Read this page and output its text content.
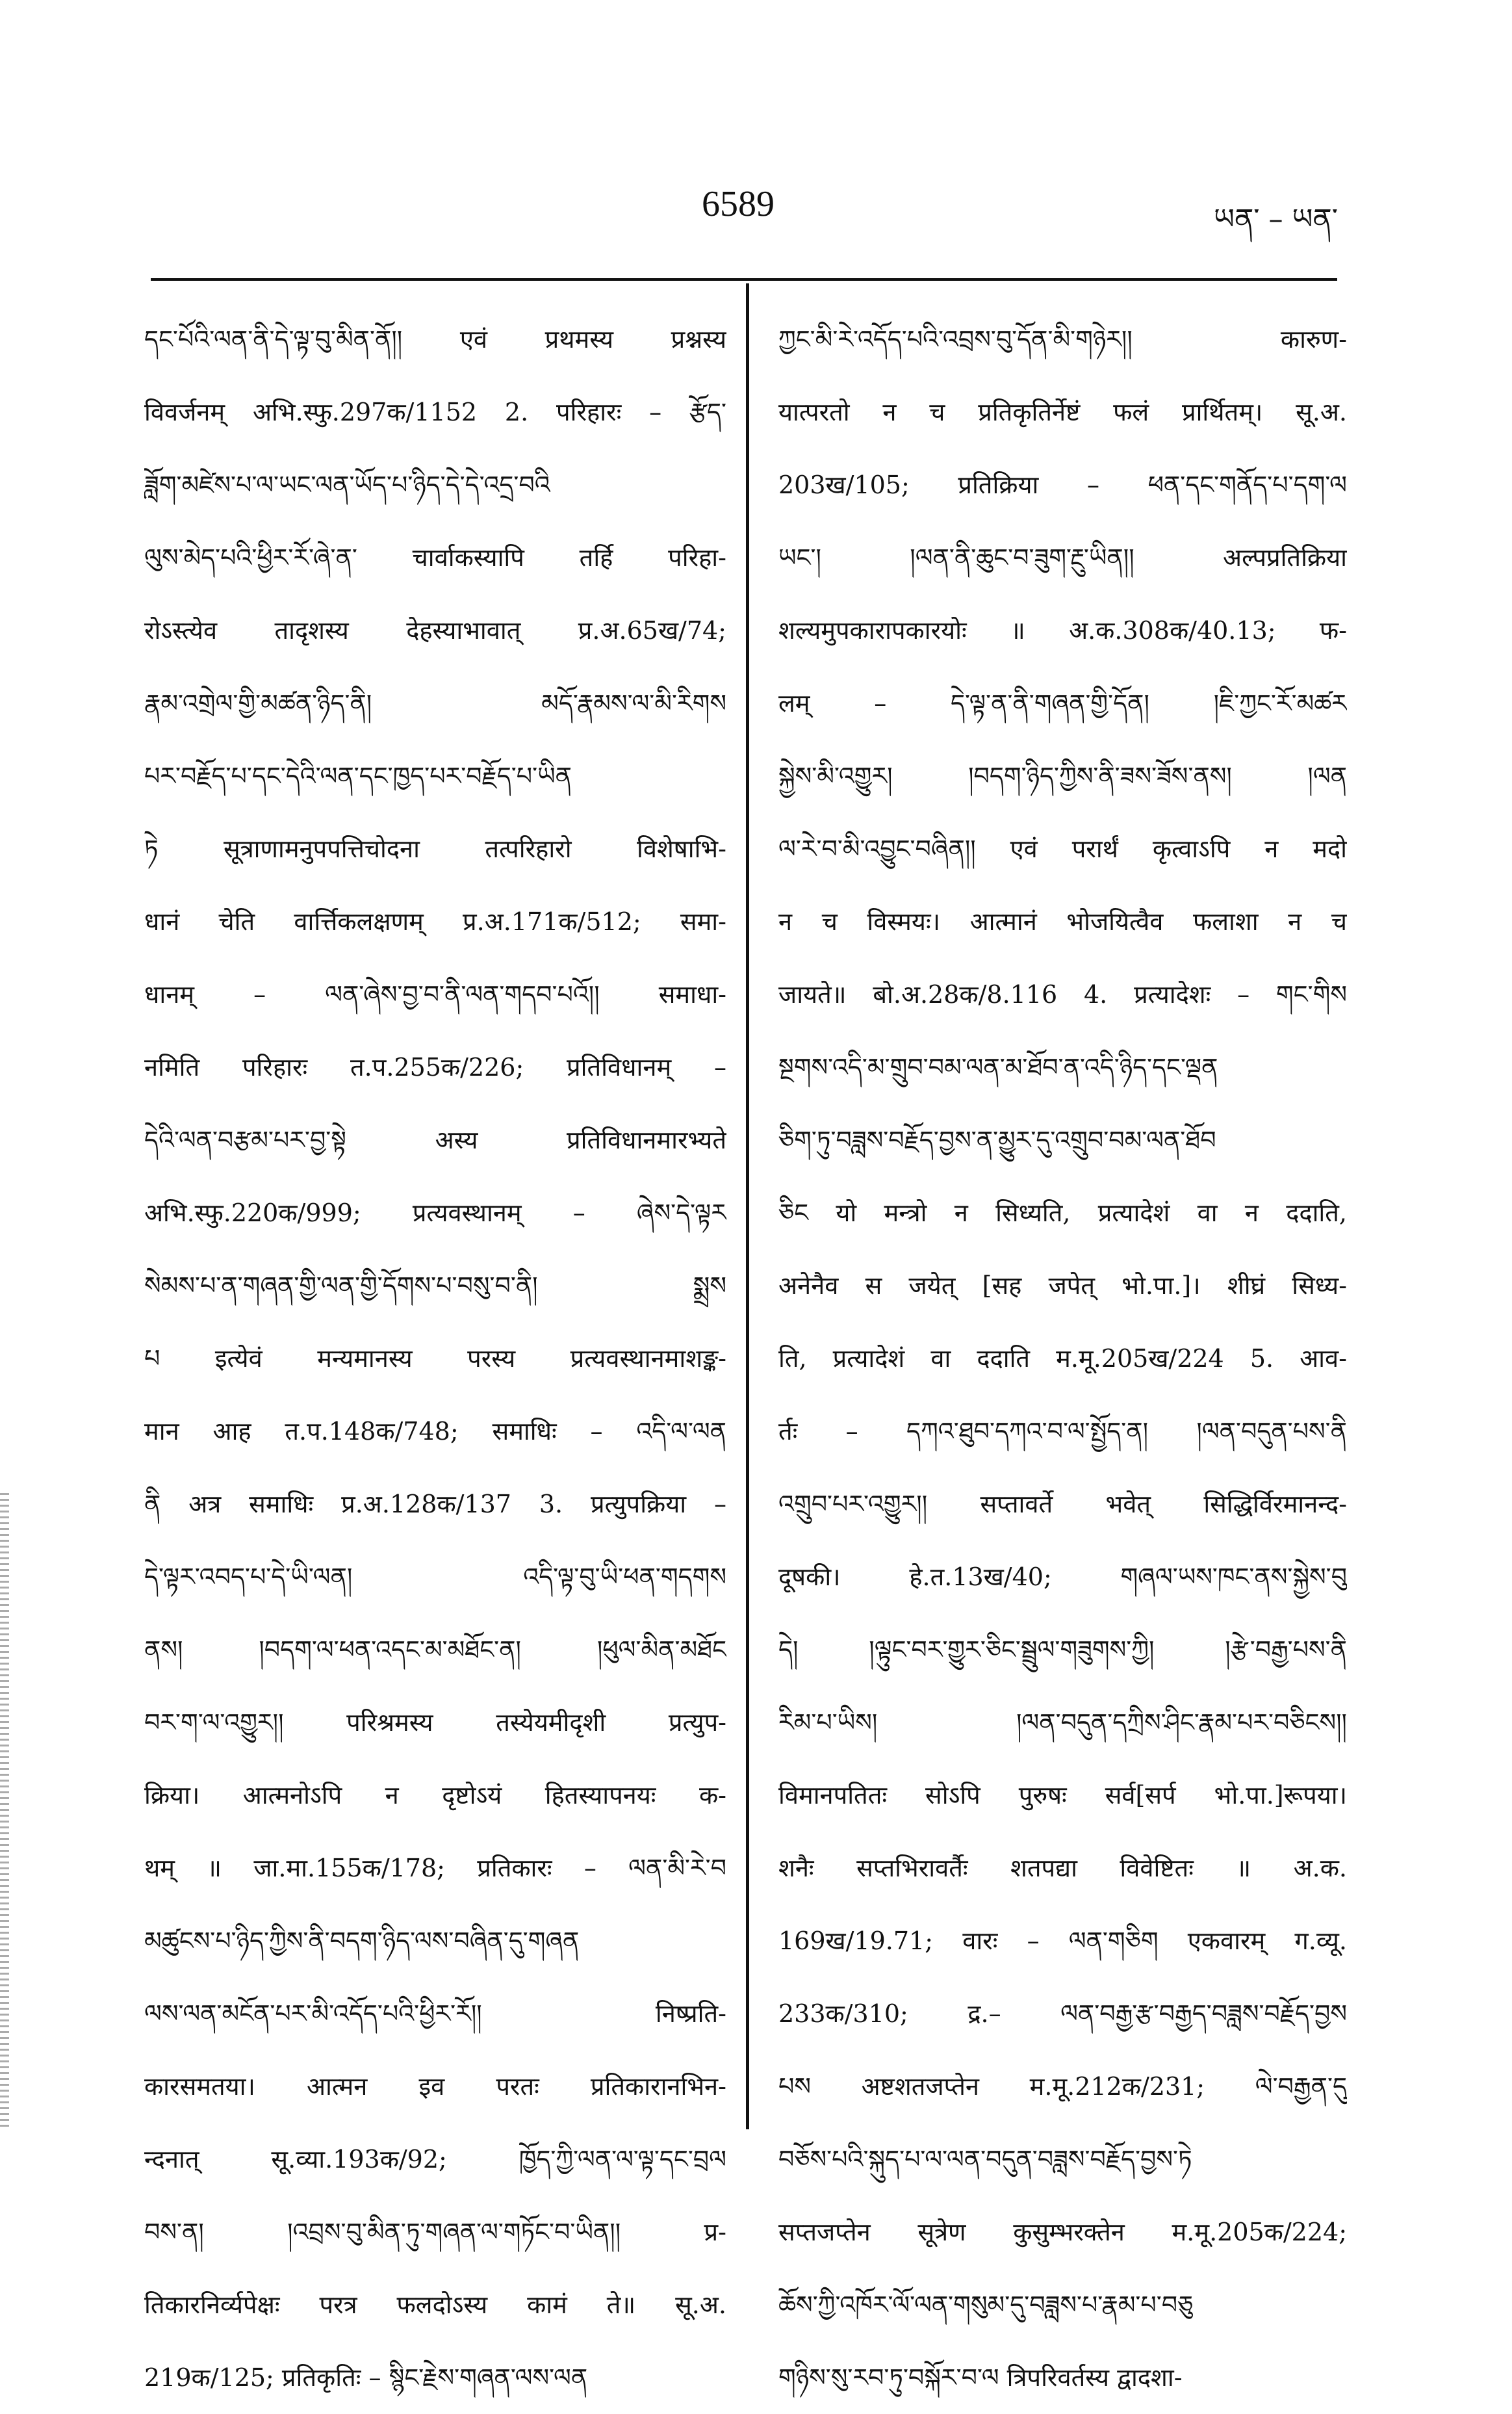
6589	ཡན་ – ཡན་
དང་པོའི་ལན་ནི་དེ་ལྟ་བུ་མིན་ནོ།། एवं प्रथमस्य प्रश्नस्य
विवर्जनम् अभि.स्फु.297क/1152 2. परिहारः – རྩོད་
ཟློག་མཛེས་པ་ལ་ཡང་ལན་ཡོད་པ་ཉིད་དེ་དེ་འདྲ་བའི
ལུས་མེད་པའི་ཕྱིར་རོ་ཞེ་ན་ चार्वाकस्यापि तर्हि परिहा-
रोऽस्त्येव तादृशस्य देहस्याभावात् प्र.अ.65ख/74;
རྣམ་འགྲེལ་གྱི་མཚན་ཉིད་ནི། མདོ་རྣམས་ལ་མི་རིགས
པར་བརྗོད་པ་དང་དེའི་ལན་དང་ཁྱད་པར་བརྗོད་པ་ཡིན
ཏེ सूत्राणामनुपपत्तिचोदना तत्परिहारो विशेषाभि-
धानं चेति वार्त्तिकलक्षणम् प्र.अ.171क/512; समा-
धानम् – ལན་ཞེས་བྱ་བ་ནི་ལན་གདབ་པའོ།། समाधा-
नमिति परिहारः त.प.255क/226; प्रतिविधानम् –
དེའི་ལན་བརྩམ་པར་བྱ་སྟེ अस्य प्रतिविधानमारभ्यते
अभि.स्फु.220क/999; प्रत्यवस्थानम् – ཞེས་དེ་ལྟར
སེམས་པ་ན་གཞན་གྱི་ལན་གྱི་དོགས་པ་བསུ་བ་ནི། སྨྲས
པ इत्येवं मन्यमानस्य परस्य प्रत्यवस्थानमाशङ्क-
मान आह त.प.148क/748; समाधिः – འདི་ལ་ལན
ནི अत्र समाधिः प्र.अ.128क/137 3. प्रत्युपक्रिया –
དེ་ལྟར་འབད་པ་དེ་ཡི་ལན། འདི་ལྟ་བུ་ཡི་ཕན་གདགས
ནས། །བདག་ལ་ཕན་འདང་མ་མཐོང་ན། །ཕུལ་མིན་མཐོང
བར་ག་ལ་འགྱུར།། परिश्रमस्य तस्येयमीदृशी प्रत्युप-
क्रिया। आत्मनोऽपि न दृष्टोऽयं हितस्यापनयः क-
थम् ॥ जा.मा.155क/178; प्रतिकारः – ལན་མི་རེ་བ
མཚུངས་པ་ཉིད་ཀྱིས་ནི་བདག་ཉིད་ལས་བཞིན་དུ་གཞན
ལས་ལན་མངོན་པར་མི་འདོད་པའི་ཕྱིར་རོ།། निष्प्रति-
कारसमतया। आत्मन इव परतः प्रतिकारानभिन-
न्दनात् सू.व्या.193क/92; ཁྱོད་ཀྱི་ལན་ལ་ལྟ་དང་བྲལ
བས་ན། །འབྲས་བུ་མིན་ཏུ་གཞན་ལ་གཏོང་བ་ཡིན།། प्र-
तिकारनिर्व्यपेक्षः परत्र फलदोऽस्य कामं ते॥ सू.अ.
219क/125; प्रतिकृतिः – སྙིང་རྗེས་གཞན་ལས་ལན
ཀྱང་མི་རེ་འདོད་པའི་འབྲས་བུ་དོན་མི་གཉེར།། कारुण-
यात्परतो न च प्रतिकृतिर्नेष्टं फलं प्रार्थितम्। सू.अ.
203ख/105; प्रतिक्रिया – ཕན་དང་གནོད་པ་དག་ལ
ཡང་། །ལན་ནི་ཆུང་བ་ཟུག་རྔུ་ཡིན།། अल्पप्रतिक्रिया
शल्यमुपकारापकारयोः ॥ अ.क.308क/40.13; फ-
लम् – དེ་ལྟ་ན་ནི་གཞན་གྱི་དོན། །ཇི་ཀྱང་རོ་མཚར
སྐྱེས་མི་འགྱུར། །བདག་ཉིད་ཀྱིས་ནི་ཟས་ཟོས་ནས། །ལན
ལ་རེ་བ་མི་འབྱུང་བཞིན།། एवं परार्थं कृत्वाऽपि न मदो
न च विस्मयः। आत्मानं भोजयित्वैव फलाशा न च
जायते॥ बो.अ.28क/8.116 4. प्रत्यादेशः – གང་གིས
སྔགས་འདི་མ་གྲུབ་བམ་ལན་མ་ཐོབ་ན་འདི་ཉིད་དང་ལྡན
ཅིག་ཏུ་བཟླས་བརྗོད་བྱས་ན་མྱུར་དུ་འགྲུབ་བམ་ལན་ཐོབ
ཅིང यो मन्त्रो न सिध्यति, प्रत्यादेशं वा न ददाति,
अनेनैव स जयेत् [सह जपेत् भो.पा.]। शीघ्रं सिध्य-
ति, प्रत्यादेशं वा ददाति म.मू.205ख/224 5. आव-
र्तः – དཀའ་ཐུབ་དཀའ་བ་ལ་སྤྱོད་ན། །ལན་བདུན་པས་ནི
འགྲུབ་པར་འགྱུར།། सप्तावर्ते भवेत् सिद्धिर्विरमानन्द-
दूषकी। हे.त.13ख/40; གཞལ་ཡས་ཁང་ནས་སྐྱེས་བུ
དེ། །ལྟུང་བར་གྱུར་ཅིང་སྦྲུལ་གཟུགས་ཀྱི། །རྩེ་བརྒྱ་པས་ནི
རིམ་པ་ཡིས། །ལན་བདུན་དཀྲིས་ཤིང་རྣམ་པར་བཅིངས།།
विमानपतितः सोऽपि पुरुषः सर्व[सर्प भो.पा.]रूपया।
शनैः सप्तभिरावर्तैः शतपद्या विवेष्टितः ॥ अ.क.
169ख/19.71; वारः – ལན་གཅིག एकवारम् ग.व्यू.
233क/310; द्र.– ལན་བརྒྱ་རྩ་བརྒྱད་བཟླས་བརྗོད་བྱས
པས अष्टशतजप्तेन म.मू.212क/231; ལེ་བརྒྱན་དུ
བཅོས་པའི་སྐུད་པ་ལ་ལན་བདུན་བཟླས་བརྗོད་བྱས་ཏེ
सप्तजप्तेन सूत्रेण कुसुम्भरक्तेन म.मू.205क/224;
ཆོས་ཀྱི་འཁོར་ལོ་ལན་གསུམ་དུ་བཟླས་པ་རྣམ་པ་བཅུ
གཉིས་སུ་རབ་ཏུ་བསྐོར་བ་ལ त्रिपरिवर्तस्य द्वादशा-
